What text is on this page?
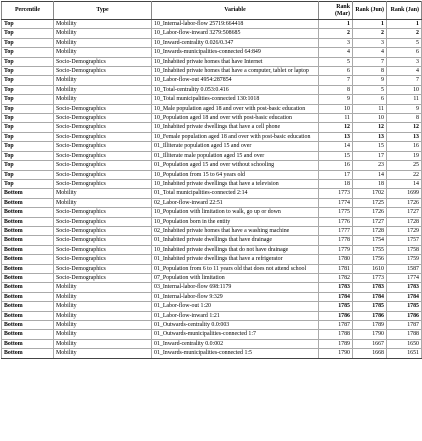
Percentile	Type	Variable	Rank (Mar)	Rank (Jun)	Rank (Jan)
Top	Mobility	10_Internal-labor-flow 25719:664418	1	1	1
Top	Mobility	10_Labor-flow-inward 3279:508685	2	2	2
Top	Mobility	10_Inward-centrality 0.026/0.347	3	3	5
Top	Mobility	10_Inwards-municipalities-connected 64:849	4	4	6
Top	Socio-Demographics	10_Inhabited private homes that have Internet	5	7	3
Top	Socio-Demographics	10_Inhabited private homes that have a computer, tablet or laptop	6	8	4
Top	Mobility	10_Labor-flow-out 4954:287854	7	9	7
Top	Mobility	10_Total-centrality 0.053:0.416	8	5	10
Top	Mobility	10_Total municipalities-connected 130:1018	9	6	11
Top	Socio-Demographics	10_Male population aged 18 and over with post-basic education	10	11	9
Top	Socio-Demographics	10_Population aged 18 and over with post-basic education	11	10	8
Top	Socio-Demographics	10_Inhabited private dwellings that have a cell phone	12	12	12
Top	Socio-Demographics	10_Female population aged 18 and over with post-basic education	13	13	13
Top	Socio-Demographics	01_Illiterate population aged 15 and over	14	15	16
Top	Socio-Demographics	01_Illiterate male population aged 15 and over	15	17	19
Top	Socio-Demographics	01_Population aged 15 and over without schooling	16	23	25
Top	Socio-Demographics	10_Population from 15 to 64 years old	17	14	22
Top	Socio-Demographics	10_Inhabited private dwellings that have a television	18	18	14
Bottom	Mobility	01_Total municipalities-connected 2:14	1773	1702	1699
Bottom	Mobility	02_Labor-flow-inward 22:51	1774	1725	1726
Bottom	Socio-Demographics	10_Population with limitation to walk, go up or down	1775	1726	1727
Bottom	Socio-Demographics	10_Population born in the entity	1776	1727	1728
Bottom	Socio-Demographics	02_Inhabited private homes that have a washing machine	1777	1728	1729
Bottom	Socio-Demographics	01_Inhabited private dwellings that have drainage	1778	1754	1757
Bottom	Socio-Demographics	10_Inhabited private dwellings that do not have drainage	1779	1755	1758
Bottom	Socio-Demographics	01_Inhabited private dwellings that have a refrigerator	1780	1756	1759
Bottom	Socio-Demographics	01_Population from 6 to 11 years old that does not attend school	1781	1610	1587
Bottom	Socio-Demographics	07_Population with limitation	1782	1773	1774
Bottom	Mobility	03_Internal-labor-flow 698:1179	1783	1783	1783
Bottom	Mobility	01_Internal-labor-flow 9:329	1784	1784	1784
Bottom	Mobility	01_Labor-flow-out 1:20	1785	1785	1785
Bottom	Mobility	01_Labor-flow-inward 1:21	1786	1786	1786
Bottom	Mobility	01_Outwards-centrality 0.0:003	1787	1789	1787
Bottom	Mobility	01_Outwards-municipalities-connected 1:7	1788	1790	1788
Bottom	Mobility	01_Inward-centrality 0.0:002	1789	1667	1650
Bottom	Mobility	01_Inwards-municipalities-connected 1:5	1790	1668	1651
